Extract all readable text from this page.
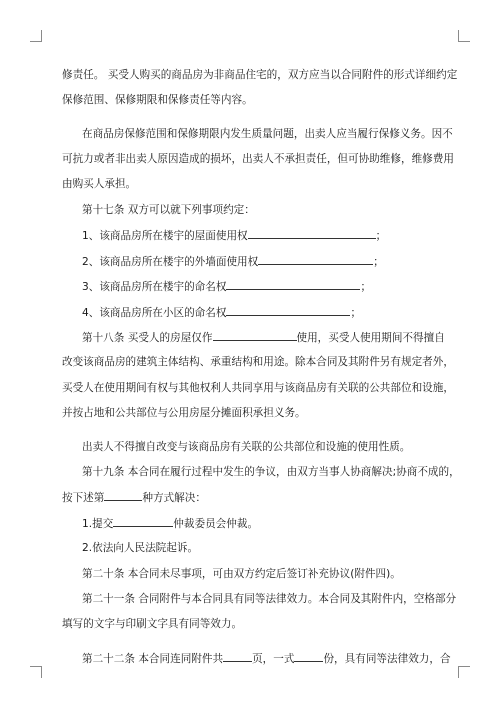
修责任。 买受人购买的商品房为非商品住宅的，双方应当以合同附件的形式详细约定
保修范围、保修期限和保修责任等内容。
在商品房保修范围和保修期限内发生质量问题，出卖人应当履行保修义务。因不
可抗力或者非出卖人原因造成的损坏，出卖人不承担责任，但可协助维修，维修费用
由购买人承担。
第十七条 双方可以就下列事项约定：
1、该商品房所在楼宇的屋面使用权	；
2、该商品房所在楼宇的外墙面使用权	；
3、该商品房所在楼宇的命名权	；
4、该商品房所在小区的命名权	；
第十八条 买受人的房屋仅作	使用，买受人使用期间不得擅自
改变该商品房的建筑主体结构、承重结构和用途。除本合同及其附件另有规定者外，
买受人在使用期间有权与其他权利人共同享用与该商品房有关联的公共部位和设施，
并按占地和公共部位与公用房屋分摊面积承担义务。
出卖人不得擅自改变与该商品房有关联的公共部位和设施的使用性质。
第十九条 本合同在履行过程中发生的争议，由双方当事人协商解决;协商不成的，
按下述第	种方式解决：
1.提交	仲裁委员会仲裁。
2.依法向人民法院起诉。
第二十条 本合同未尽事项，可由双方约定后签订补充协议(附件四)。
第二十一条 合同附件与本合同具有同等法律效力。本合同及其附件内，空格部分
填写的文字与印刷文字具有同等效力。
第二十二条 本合同连同附件共	页，一式	份，具有同等法律效力，合
